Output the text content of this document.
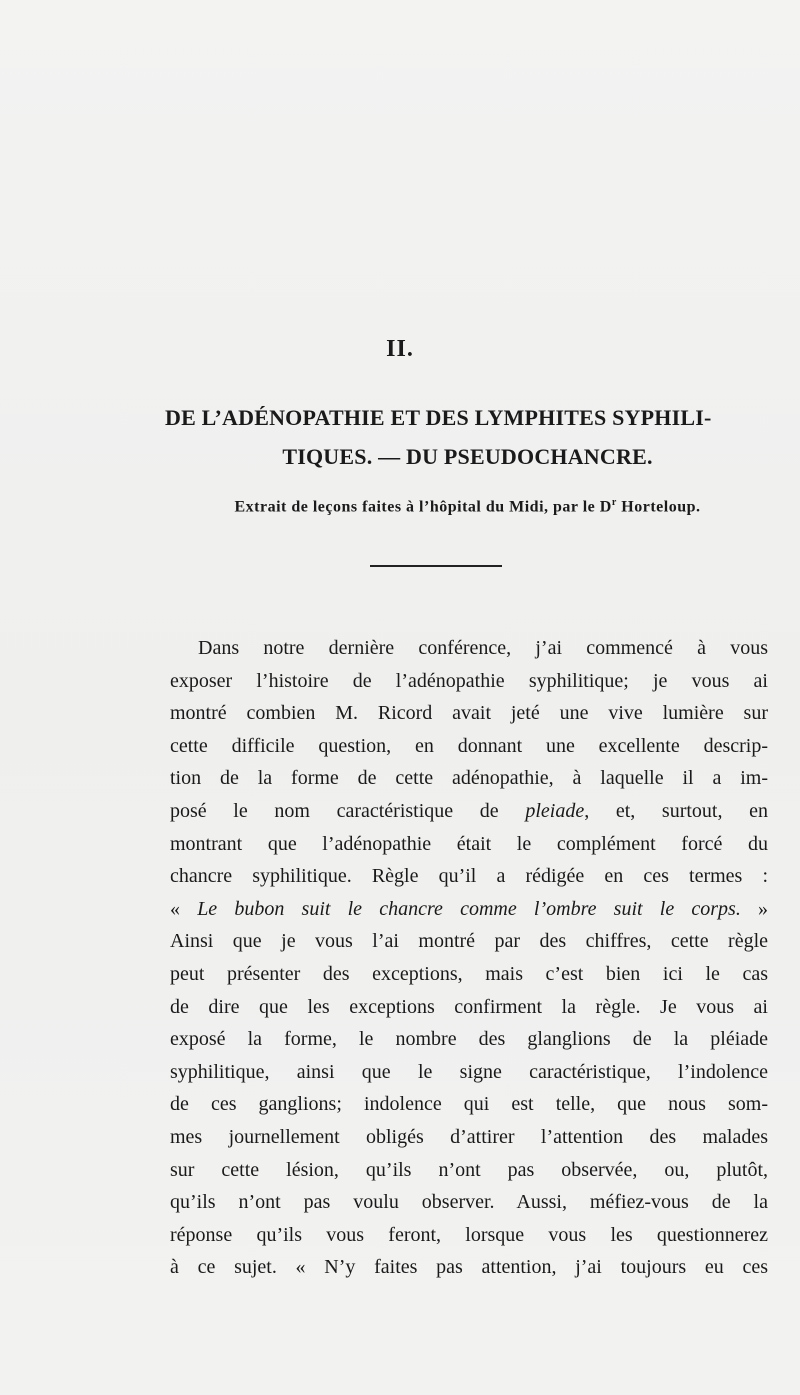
II.
DE L’ADÉNOPATHIE ET DES LYMPHITES SYPHILI-
TIQUES. — DU PSEUDOCHANCRE.
Extrait de leçons faites à l’hôpital du Midi, par le $D^r$ Horteloup.
Dans notre dernière conférence, j’ai commencé à vous
exposer l’histoire de l’adénopathie syphilitique; je vous ai
montré combien M. Ricord avait jeté une vive lumière sur
cette difficile question, en donnant une excellente descrip-
tion de la forme de cette adénopathie, à laquelle il a im-
posé le nom caractéristique de pleiade, et, surtout, en
montrant que l’adénopathie était le complément forcé du
chancre syphilitique. Règle qu’il a rédigée en ces termes :
« Le bubon suit le chancre comme l’ombre suit le corps. »
Ainsi que je vous l’ai montré par des chiffres, cette règle
peut présenter des exceptions, mais c’est bien ici le cas
de dire que les exceptions confirment la règle. Je vous ai
exposé la forme, le nombre des glanglions de la pléiade
syphilitique, ainsi que le signe caractéristique, l’indolence
de ces ganglions; indolence qui est telle, que nous som-
mes journellement obligés d’attirer l’attention des malades
sur cette lésion, qu’ils n’ont pas observée, ou, plutôt,
qu’ils n’ont pas voulu observer. Aussi, méfiez-vous de la
réponse qu’ils vous feront, lorsque vous les questionnerez
à ce sujet. « N’y faites pas attention, j’ai toujours eu ces
